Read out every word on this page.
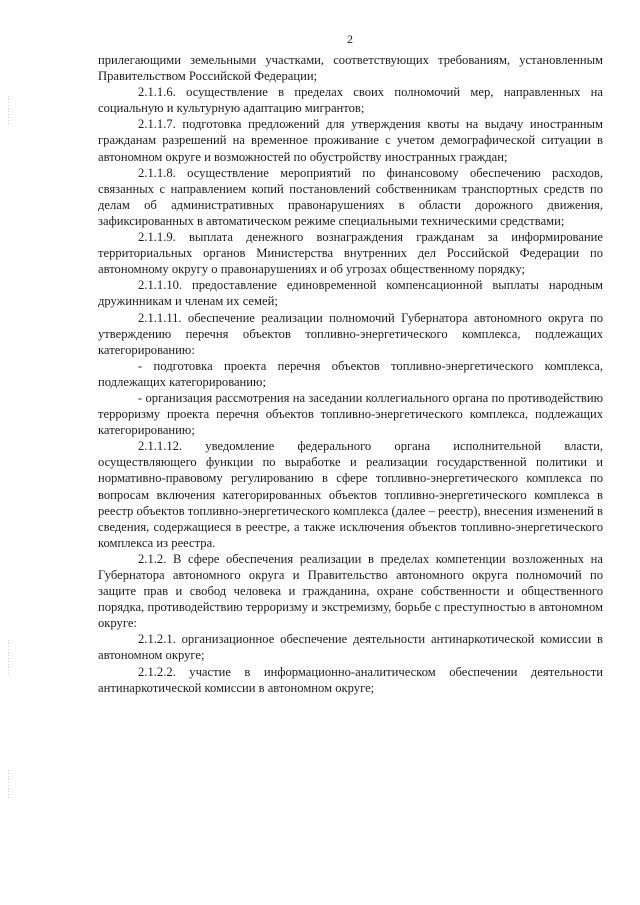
2

прилегающими земельными участками, соответствующих требованиям, установленным Правительством Российской Федерации;

2.1.1.6. осуществление в пределах своих полномочий мер, направленных на социальную и культурную адаптацию мигрантов;

2.1.1.7. подготовка предложений для утверждения квоты на выдачу иностранным гражданам разрешений на временное проживание с учетом демографической ситуации в автономном округе и возможностей по обустройству иностранных граждан;

2.1.1.8. осуществление мероприятий по финансовому обеспечению расходов, связанных с направлением копий постановлений собственникам транспортных средств по делам об административных правонарушениях в области дорожного движения, зафиксированных в автоматическом режиме специальными техническими средствами;

2.1.1.9. выплата денежного вознаграждения гражданам за информирование территориальных органов Министерства внутренних дел Российской Федерации по автономному округу о правонарушениях и об угрозах общественному порядку;

2.1.1.10. предоставление единовременной компенсационной выплаты народным дружинникам и членам их семей;

2.1.1.11. обеспечение реализации полномочий Губернатора автономного округа по утверждению перечня объектов топливно-энергетического комплекса, подлежащих категорированию:

- подготовка проекта перечня объектов топливно-энергетического комплекса, подлежащих категорированию;

- организация рассмотрения на заседании коллегиального органа по противодействию терроризму проекта перечня объектов топливно-энергетического комплекса, подлежащих категорированию;

2.1.1.12. уведомление федерального органа исполнительной власти, осуществляющего функции по выработке и реализации государственной политики и нормативно-правовому регулированию в сфере топливно-энергетического комплекса по вопросам включения категорированных объектов топливно-энергетического комплекса в реестр объектов топливно-энергетического комплекса (далее – реестр), внесения изменений в сведения, содержащиеся в реестре, а также исключения объектов топливно-энергетического комплекса из реестра.

2.1.2. В сфере обеспечения реализации в пределах компетенции возложенных на Губернатора автономного округа и Правительство автономного округа полномочий по защите прав и свобод человека и гражданина, охране собственности и общественного порядка, противодействию терроризму и экстремизму, борьбе с преступностью в автономном округе:

2.1.2.1. организационное обеспечение деятельности антинаркотической комиссии в автономном округе;

2.1.2.2. участие в информационно-аналитическом обеспечении деятельности антинаркотической комиссии в автономном округе;
